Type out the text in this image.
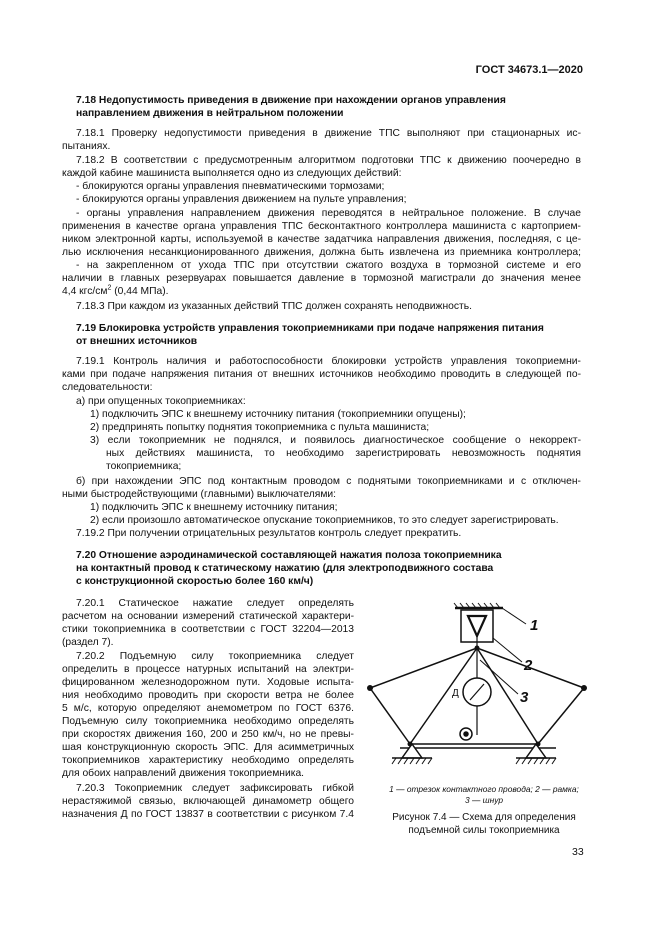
ГОСТ 34673.1—2020
7.18 Недопустимость приведения в движение при нахождении органов управления
направлением движения в нейтральном положении
7.18.1 Проверку недопустимости приведения в движение ТПС выполняют при стационарных ис-
пытаниях.
7.18.2 В соответствии с предусмотренным алгоритмом подготовки ТПС к движению поочередно в
каждой кабине машиниста выполняется одно из следующих действий:
- блокируются органы управления пневматическими тормозами;
- блокируются органы управления движением на пульте управления;
- органы управления направлением движения переводятся в нейтральное положение. В случае
применения в качестве органа управления ТПС бесконтактного контроллера машиниста с картоприем-
ником электронной карты, используемой в качестве задатчика направления движения, последняя, с це-
лью исключения несанкционированного движения, должна быть извлечена из приемника контроллера;
- на закрепленном от ухода ТПС при отсутствии сжатого воздуха в тормозной системе и его
наличии в главных резервуарах повышается давление в тормозной магистрали до значения менее
4,4 кгс/$см^2$ (0,44 МПа).
7.18.3 При каждом из указанных действий ТПС должен сохранять неподвижность.
7.19 Блокировка устройств управления токоприемниками при подаче напряжения питания
от внешних источников
7.19.1 Контроль наличия и работоспособности блокировки устройств управления токоприемни-
ками при подаче напряжения питания от внешних источников необходимо проводить в следующей по-
следовательности:
а) при опущенных токоприемниках:
1) подключить ЭПС к внешнему источнику питания (токоприемники опущены);
2) предпринять попытку поднятия токоприемника с пульта машиниста;
3) если токоприемник не поднялся, и появилось диагностическое сообщение о некоррект-
ных действиях машиниста, то необходимо зарегистрировать невозможность поднятия
токоприемника;
б) при нахождении ЭПС под контактным проводом с поднятыми токоприемниками и с отключен-
ными быстродействующими (главными) выключателями:
1) подключить ЭПС к внешнему источнику питания;
2) если произошло автоматическое опускание токоприемников, то это следует зарегистрировать.
7.19.2 При получении отрицательных результатов контроль следует прекратить.
7.20 Отношение аэродинамической составляющей нажатия полоза токоприемника
на контактный провод к статическому нажатию (для электроподвижного состава
с конструкционной скоростью более 160 км/ч)
7.20.1 Статическое нажатие следует определять
расчетом на основании измерений статической характери-
стики токоприемника в соответствии с ГОСТ 32204—2013
(раздел 7).
7.20.2 Подъемную силу токоприемника следует
определить в процессе натурных испытаний на электри-
фицированном железнодорожном пути. Ходовые испыта-
ния необходимо проводить при скорости ветра не более
5 м/с, которую определяют анемометром по ГОСТ 6376.
Подъемную силу токоприемника необходимо определять
при скоростях движения 160, 200 и 250 км/ч, но не превы-
шая конструкционную скорость ЭПС. Для асимметричных
токоприемников характеристику необходимо определять
для обоих направлений движения токоприемника.
7.20.3 Токоприемник следует зафиксировать гибкой
нерастяжимой связью, включающей динамометр общего
назначения Д по ГОСТ 13837 в соответствии с рисунком 7.4
1
2
3
Д
1 — отрезок контактного провода; 2 — рамка;
3 — шнур
Рисунок 7.4 — Схема для определения
подъемной силы токоприемника
33
